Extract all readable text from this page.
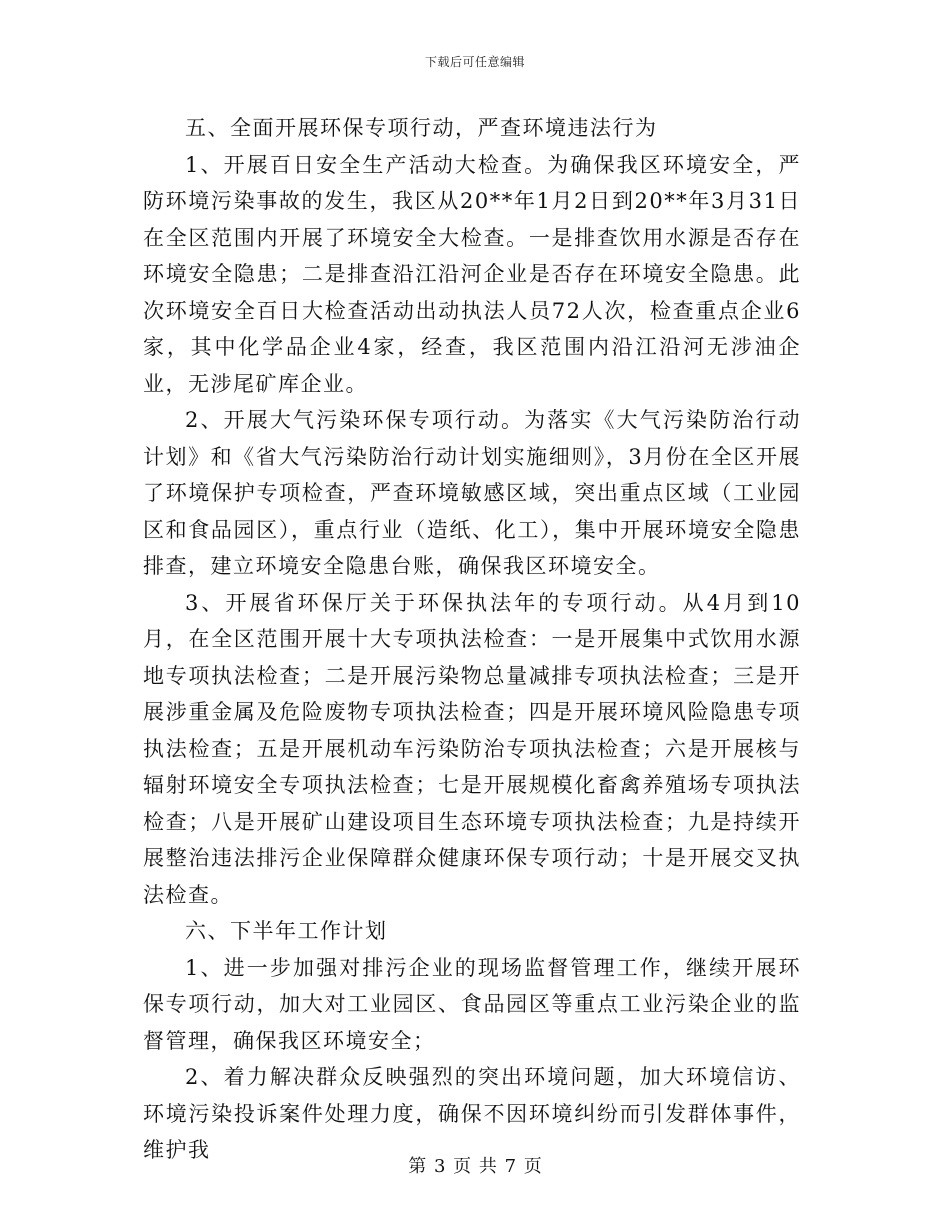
下载后可任意编辑

五、全面开展环保专项行动，严查环境违法行为

1、开展百日安全生产活动大检查。为确保我区环境安全，严防环境污染事故的发生，我区从20**年1月2日到20**年3月31日在全区范围内开展了环境安全大检查。一是排查饮用水源是否存在环境安全隐患；二是排查沿江沿河企业是否存在环境安全隐患。此次环境安全百日大检查活动出动执法人员72人次，检查重点企业6家，其中化学品企业4家，经查，我区范围内沿江沿河无涉油企业，无涉尾矿库企业。

2、开展大气污染环保专项行动。为落实《大气污染防治行动计划》和《省大气污染防治行动计划实施细则》，3月份在全区开展了环境保护专项检查，严查环境敏感区域，突出重点区域（工业园区和食品园区），重点行业（造纸、化工），集中开展环境安全隐患排查，建立环境安全隐患台账，确保我区环境安全。

3、开展省环保厅关于环保执法年的专项行动。从4月到10月，在全区范围开展十大专项执法检查：一是开展集中式饮用水源地专项执法检查；二是开展污染物总量减排专项执法检查；三是开展涉重金属及危险废物专项执法检查；四是开展环境风险隐患专项执法检查；五是开展机动车污染防治专项执法检查；六是开展核与辐射环境安全专项执法检查；七是开展规模化畜禽养殖场专项执法检查；八是开展矿山建设项目生态环境专项执法检查；九是持续开展整治违法排污企业保障群众健康环保专项行动；十是开展交叉执法检查。

六、下半年工作计划

1、进一步加强对排污企业的现场监督管理工作，继续开展环保专项行动，加大对工业园区、食品园区等重点工业污染企业的监督管理，确保我区环境安全；

2、着力解决群众反映强烈的突出环境问题，加大环境信访、环境污染投诉案件处理力度，确保不因环境纠纷而引发群体事件，维护我

第 3 页 共 7 页
